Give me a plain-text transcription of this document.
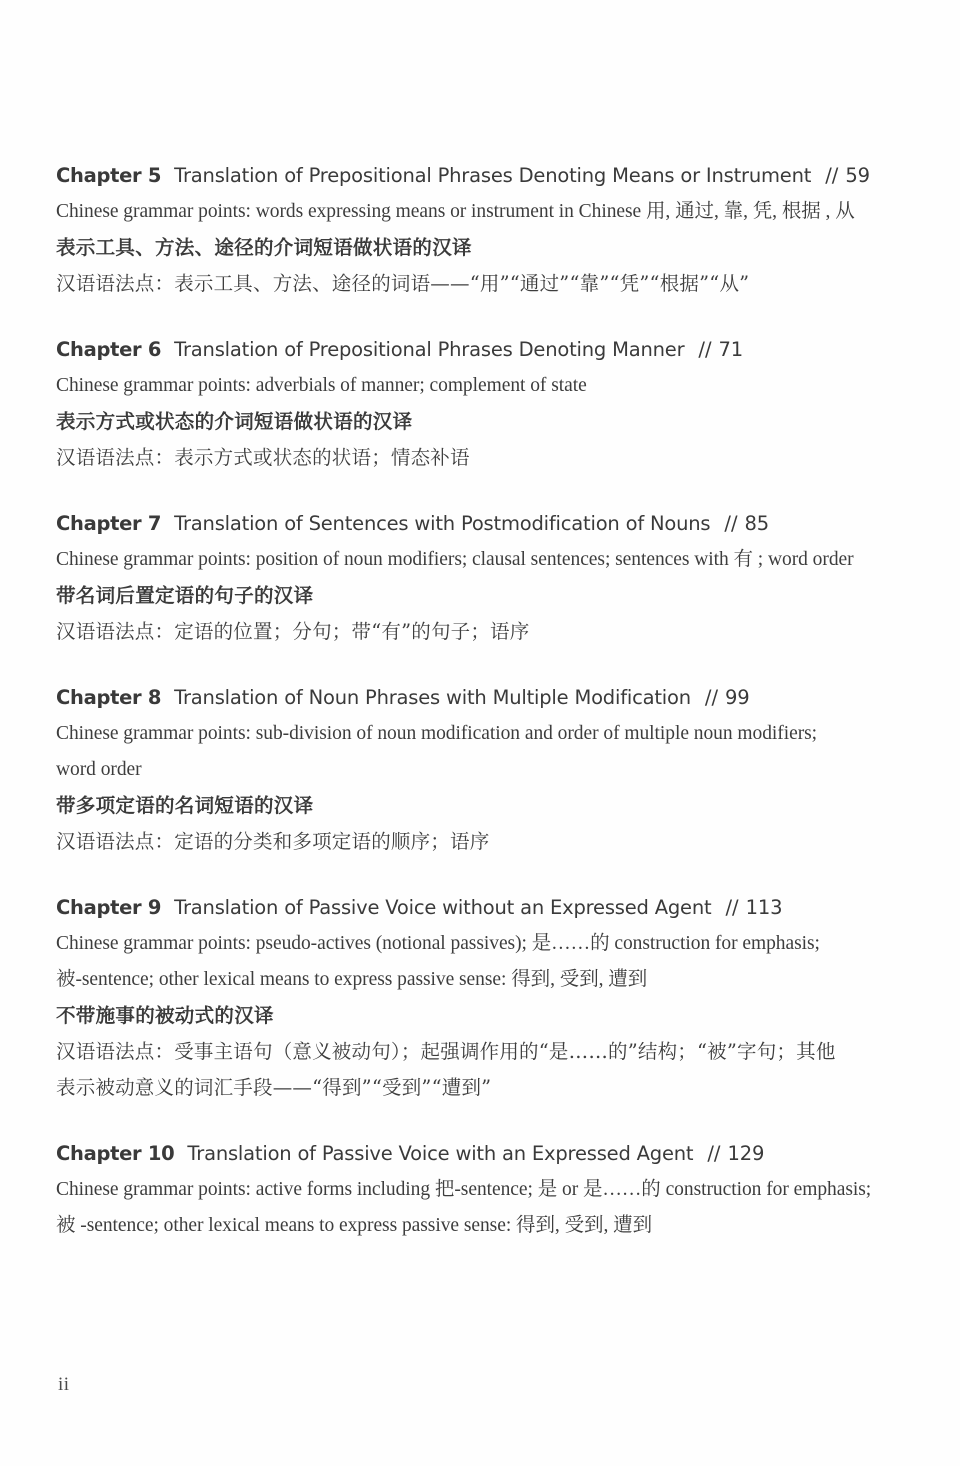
Chapter 5 Translation of Prepositional Phrases Denoting Means or Instrument // 59
Chinese grammar points: words expressing means or instrument in Chinese 用, 通过, 靠, 凭, 根据 , 从
表示工具、方法、途径的介词短语做状语的汉译
汉语语法点：表示工具、方法、途径的词语——“用”“通过”“靠”“凭”“根据”“从”
Chapter 6 Translation of Prepositional Phrases Denoting Manner // 71
Chinese grammar points: adverbials of manner; complement of state
表示方式或状态的介词短语做状语的汉译
汉语语法点：表示方式或状态的状语；情态补语
Chapter 7 Translation of Sentences with Postmodification of Nouns // 85
Chinese grammar points: position of noun modifiers; clausal sentences; sentences with 有 ; word order
带名词后置定语的句子的汉译
汉语语法点：定语的位置；分句；带“有”的句子；语序
Chapter 8 Translation of Noun Phrases with Multiple Modification // 99
Chinese grammar points: sub-division of noun modification and order of multiple noun modifiers;
word order
带多项定语的名词短语的汉译
汉语语法点：定语的分类和多项定语的顺序；语序
Chapter 9 Translation of Passive Voice without an Expressed Agent // 113
Chinese grammar points: pseudo-actives (notional passives); 是……的 construction for emphasis;
被-sentence; other lexical means to express passive sense: 得到, 受到, 遭到
不带施事的被动式的汉译
汉语语法点：受事主语句（意义被动句）；起强调作用的“是……的”结构；“被”字句；其他
表示被动意义的词汇手段——“得到”“受到”“遭到”
Chapter 10 Translation of Passive Voice with an Expressed Agent // 129
Chinese grammar points: active forms including 把-sentence; 是 or 是……的 construction for emphasis;
被 -sentence; other lexical means to express passive sense: 得到, 受到, 遭到
ii
